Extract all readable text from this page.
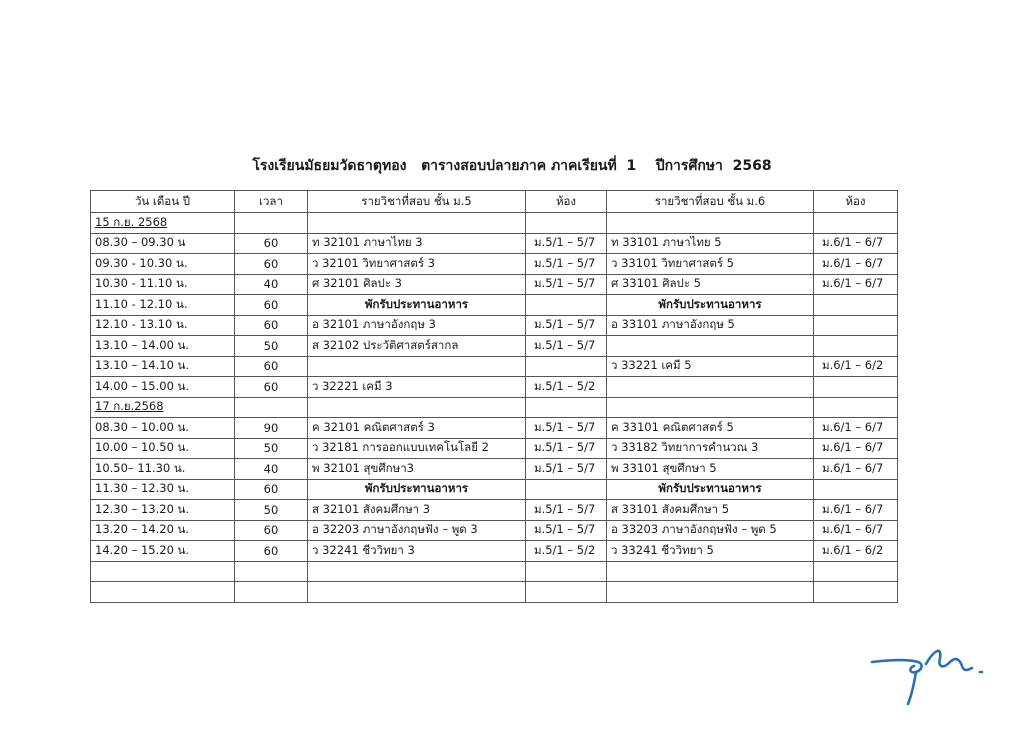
โรงเรียนมัธยมวัดธาตุทอง   ตารางสอบปลายภาค ภาคเรียนที่  1    ปีการศึกษา  2568
วัน เดือน ปี	เวลา	รายวิชาที่สอบ ชั้น ม.5	ห้อง	รายวิชาที่สอบ ชั้น ม.6	ห้อง
15 ก.ย. 2568					
08.30 – 09.30 น	60	ท 32101 ภาษาไทย 3	ม.5/1 – 5/7	ท 33101 ภาษาไทย 5	ม.6/1 – 6/7
09.30 - 10.30 น.	60	ว 32101 วิทยาศาสตร์ 3	ม.5/1 – 5/7	ว 33101 วิทยาศาสตร์ 5	ม.6/1 – 6/7
10.30 - 11.10 น.	40	ศ 32101 ศิลปะ 3	ม.5/1 – 5/7	ศ 33101 ศิลปะ 5	ม.6/1 – 6/7
11.10 - 12.10 น.	60	พักรับประทานอาหาร		พักรับประทานอาหาร	
12.10 - 13.10 น.	60	อ 32101 ภาษาอังกฤษ 3	ม.5/1 – 5/7	อ 33101 ภาษาอังกฤษ 5	
13.10 – 14.00 น.	50	ส 32102 ประวัติศาสตร์สากล	ม.5/1 – 5/7		
13.10 – 14.10 น.	60			ว 33221 เคมี 5	ม.6/1 – 6/2
14.00 – 15.00 น.	60	ว 32221 เคมี 3	ม.5/1 – 5/2		
17 ก.ย.2568					
08.30 – 10.00 น.	90	ค 32101 คณิตศาสตร์ 3	ม.5/1 – 5/7	ค 33101 คณิตศาสตร์ 5	ม.6/1 – 6/7
10.00 – 10.50 น.	50	ว 32181 การออกแบบเทคโนโลยี 2	ม.5/1 – 5/7	ว 33182 วิทยาการคำนวณ 3	ม.6/1 – 6/7
10.50– 11.30 น.	40	พ 32101 สุขศึกษา3	ม.5/1 – 5/7	พ 33101 สุขศึกษา 5	ม.6/1 – 6/7
11.30 – 12.30 น.	60	พักรับประทานอาหาร		พักรับประทานอาหาร	
12.30 – 13.20 น.	50	ส 32101 สังคมศึกษา 3	ม.5/1 – 5/7	ส 33101 สังคมศึกษา 5	ม.6/1 – 6/7
13.20 – 14.20 น.	60	อ 32203 ภาษาอังกฤษฟัง – พูด 3	ม.5/1 – 5/7	อ 33203 ภาษาอังกฤษฟัง – พูด 5	ม.6/1 – 6/7
14.20 – 15.20 น.	60	ว 32241 ชีววิทยา 3	ม.5/1 – 5/2	ว 33241 ชีววิทยา 5	ม.6/1 – 6/2
